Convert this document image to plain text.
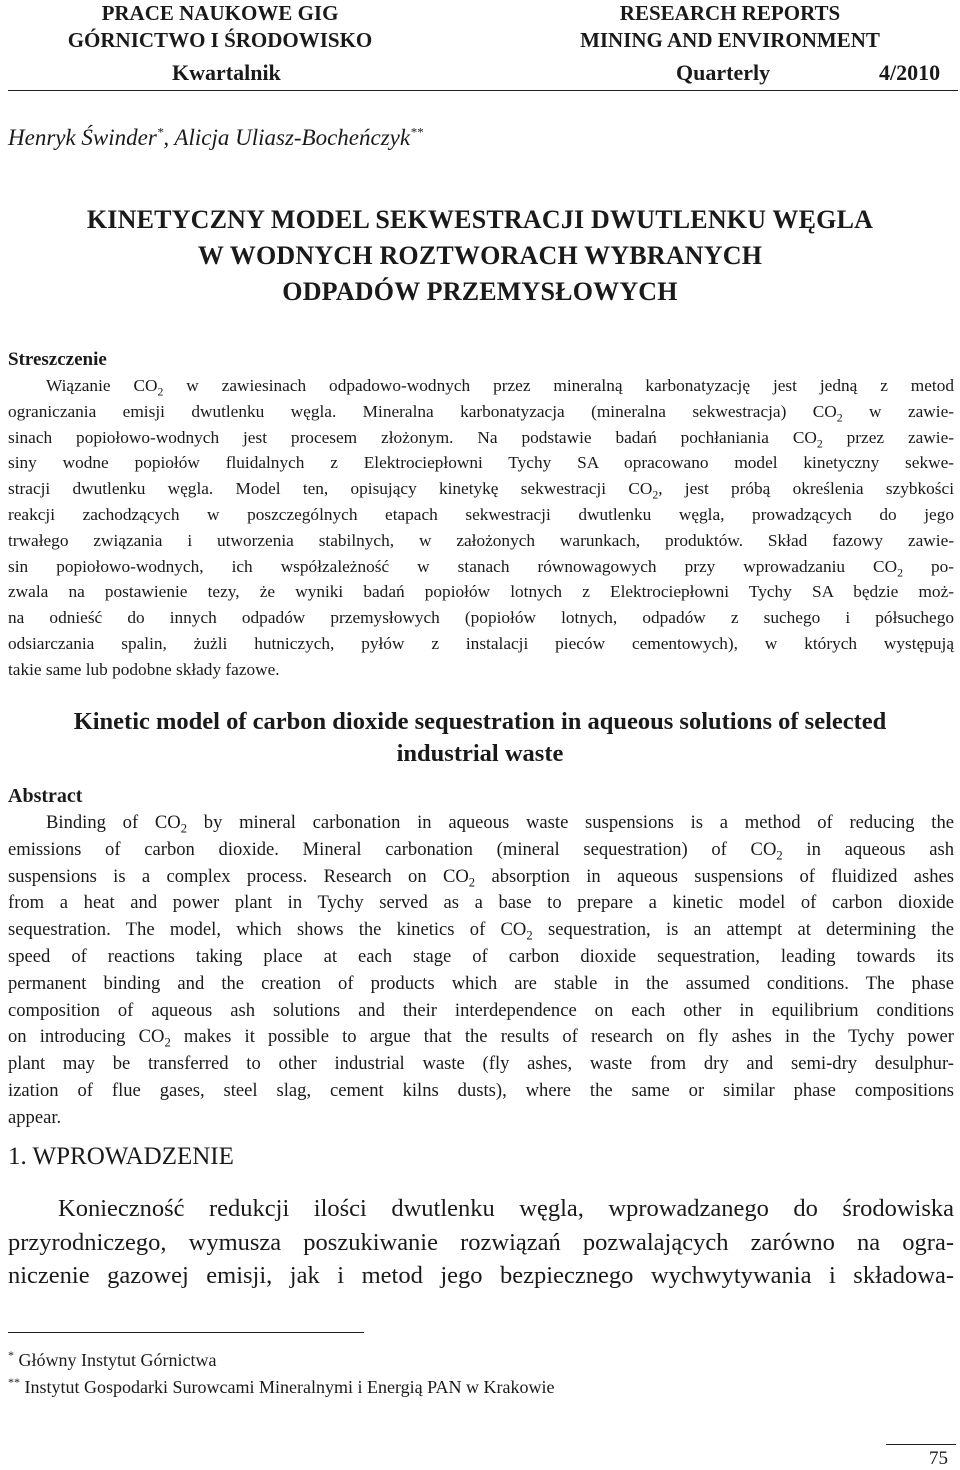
PRACE NAUKOWE GIG
GÓRNICTWO I ŚRODOWISKO
RESEARCH REPORTS
MINING AND ENVIRONMENT
Kwartalnik	Quarterly	4/2010
Henryk Świnder*, Alicja Uliasz-Bocheńczyk**
KINETYCZNY MODEL SEKWESTRACJI DWUTLENKU WĘGLA
W WODNYCH ROZTWORACH WYBRANYCH
ODPADÓW PRZEMYSŁOWYCH
Streszczenie
Wiązanie $CO_2$ w zawiesinach odpadowo-wodnych przez mineralną karbonatyzację jest jedną z metod
ograniczania emisji dwutlenku węgla. Mineralna karbonatyzacja (mineralna sekwestracja) $CO_2$ w zawie-
sinach popiołowo-wodnych jest procesem złożonym. Na podstawie badań pochłaniania $CO_2$ przez zawie-
siny wodne popiołów fluidalnych z Elektrociepłowni Tychy SA opracowano model kinetyczny sekwe-
stracji dwutlenku węgla. Model ten, opisujący kinetykę sekwestracji $CO_2$, jest próbą określenia szybkości
reakcji zachodzących w poszczególnych etapach sekwestracji dwutlenku węgla, prowadzących do jego
trwałego związania i utworzenia stabilnych, w założonych warunkach, produktów. Skład fazowy zawie-
sin popiołowo-wodnych, ich współzależność w stanach równowagowych przy wprowadzaniu $CO_2$ po-
zwala na postawienie tezy, że wyniki badań popiołów lotnych z Elektrociepłowni Tychy SA będzie moż-
na odnieść do innych odpadów przemysłowych (popiołów lotnych, odpadów z suchego i półsuchego
odsiarczania spalin, żużli hutniczych, pyłów z instalacji pieców cementowych), w których występują
takie same lub podobne składy fazowe.
Kinetic model of carbon dioxide sequestration in aqueous solutions of selected
industrial waste
Abstract
Binding of $CO_2$ by mineral carbonation in aqueous waste suspensions is a method of reducing the
emissions of carbon dioxide. Mineral carbonation (mineral sequestration) of $CO_2$ in aqueous ash
suspensions is a complex process. Research on $CO_2$ absorption in aqueous suspensions of fluidized ashes
from a heat and power plant in Tychy served as a base to prepare a kinetic model of carbon dioxide
sequestration. The model, which shows the kinetics of $CO_2$ sequestration, is an attempt at determining the
speed of reactions taking place at each stage of carbon dioxide sequestration, leading towards its
permanent binding and the creation of products which are stable in the assumed conditions. The phase
composition of aqueous ash solutions and their interdependence on each other in equilibrium conditions
on introducing $CO_2$ makes it possible to argue that the results of research on fly ashes in the Tychy power
plant may be transferred to other industrial waste (fly ashes, waste from dry and semi-dry desulphur-
ization of flue gases, steel slag, cement kilns dusts), where the same or similar phase compositions
appear.
1. WPROWADZENIE
Konieczność redukcji ilości dwutlenku węgla, wprowadzanego do środowiska
przyrodniczego, wymusza poszukiwanie rozwiązań pozwalających zarówno na ogra-
niczenie gazowej emisji, jak i metod jego bezpiecznego wychwytywania i składowa-
* Główny Instytut Górnictwa
** Instytut Gospodarki Surowcami Mineralnymi i Energią PAN w Krakowie
75
